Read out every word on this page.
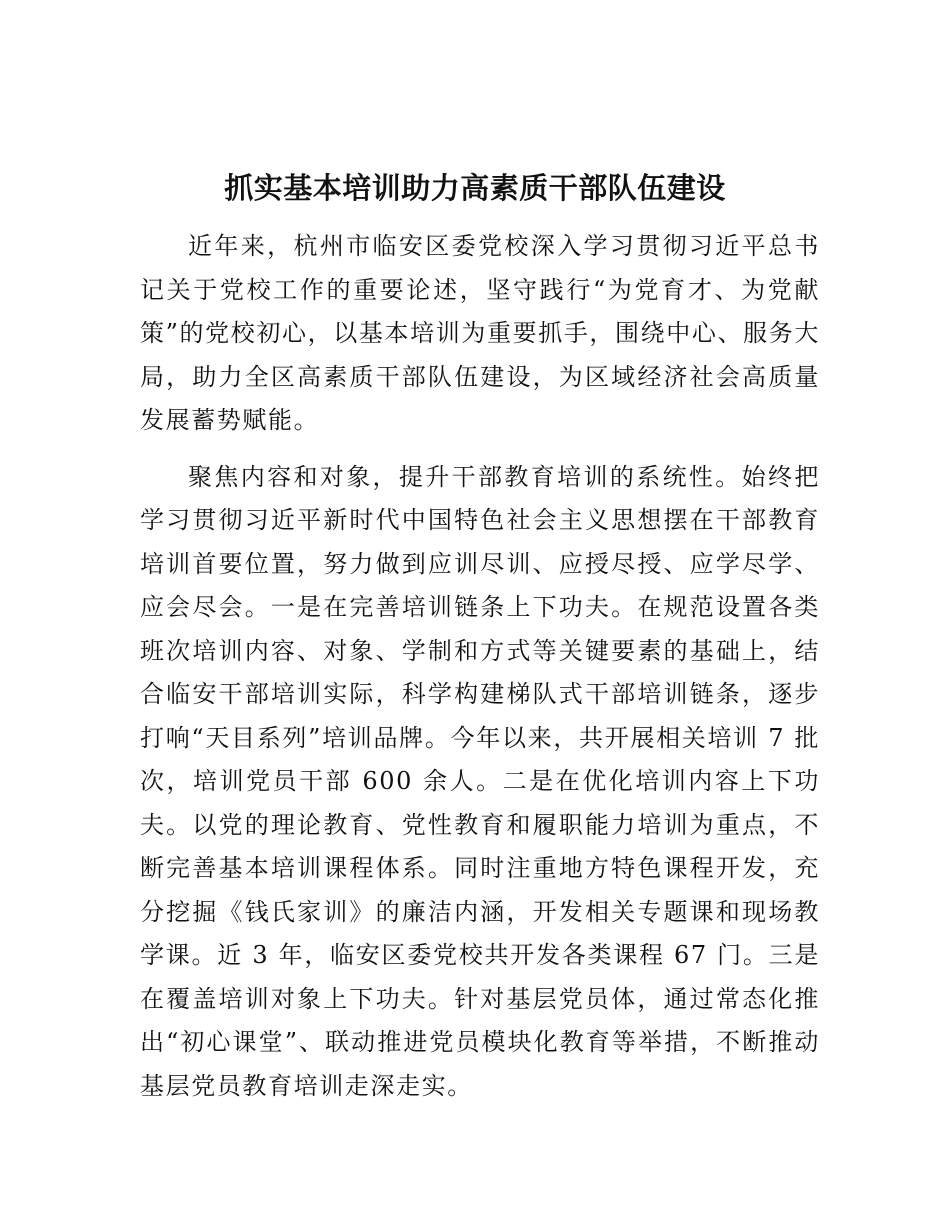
抓实基本培训助力高素质干部队伍建设

近年来，杭州市临安区委党校深入学习贯彻习近平总书记关于党校工作的重要论述，坚守践行“为党育才、为党献策”的党校初心，以基本培训为重要抓手，围绕中心、服务大局，助力全区高素质干部队伍建设，为区域经济社会高质量发展蓄势赋能。

聚焦内容和对象，提升干部教育培训的系统性。始终把学习贯彻习近平新时代中国特色社会主义思想摆在干部教育培训首要位置，努力做到应训尽训、应授尽授、应学尽学、应会尽会。一是在完善培训链条上下功夫。在规范设置各类班次培训内容、对象、学制和方式等关键要素的基础上，结合临安干部培训实际，科学构建梯队式干部培训链条，逐步打响“天目系列”培训品牌。今年以来，共开展相关培训 7 批次，培训党员干部 600 余人。二是在优化培训内容上下功夫。以党的理论教育、党性教育和履职能力培训为重点，不断完善基本培训课程体系。同时注重地方特色课程开发，充分挖掘《钱氏家训》的廉洁内涵，开发相关专题课和现场教学课。近 3 年，临安区委党校共开发各类课程 67 门。三是在覆盖培训对象上下功夫。针对基层党员体，通过常态化推出“初心课堂”、联动推进党员模块化教育等举措，不断推动基层党员教育培训走深走实。
